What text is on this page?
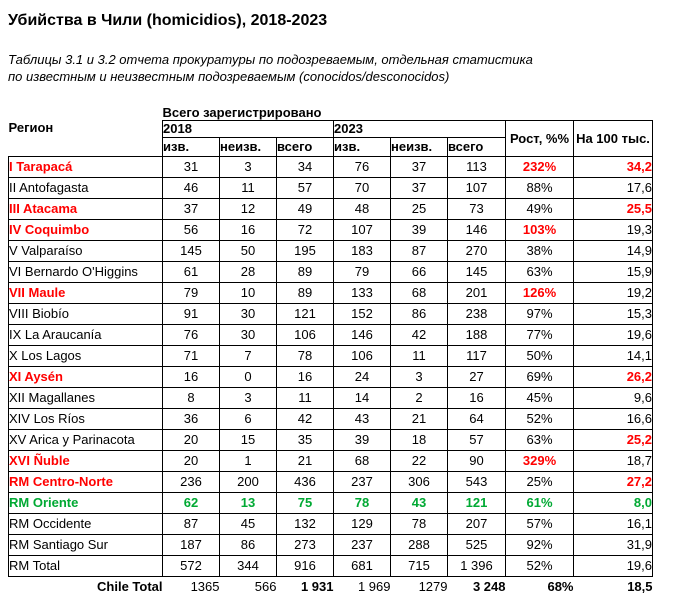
Убийства в Чили (homicidios), 2018-2023
Таблицы 3.1 и 3.2 отчета прокуратуры по подозреваемым, отдельная статистика
по известным и неизвестным подозреваемым (conocidos/desconocidos)
	Всего зарегистрировано							
Регион	2018			2023			Рост, %%	На 100 тыс.
	изв.	неизв.	всего	изв.	неизв.	всего		
I Tarapacá	31	3	34	76	37	113	232%	34,2
II Antofagasta	46	11	57	70	37	107	88%	17,6
III Atacama	37	12	49	48	25	73	49%	25,5
IV Coquimbo	56	16	72	107	39	146	103%	19,3
V Valparaíso	145	50	195	183	87	270	38%	14,9
VI Bernardo O'Higgins	61	28	89	79	66	145	63%	15,9
VII Maule	79	10	89	133	68	201	126%	19,2
VIII Biobío	91	30	121	152	86	238	97%	15,3
IX La Araucanía	76	30	106	146	42	188	77%	19,6
X Los Lagos	71	7	78	106	11	117	50%	14,1
XI Aysén	16	0	16	24	3	27	69%	26,2
XII Magallanes	8	3	11	14	2	16	45%	9,6
XIV Los Ríos	36	6	42	43	21	64	52%	16,6
XV Arica y Parinacota	20	15	35	39	18	57	63%	25,2
XVI Ñuble	20	1	21	68	22	90	329%	18,7
RM Centro-Norte	236	200	436	237	306	543	25%	27,2
RM Oriente	62	13	75	78	43	121	61%	8,0
RM Occidente	87	45	132	129	78	207	57%	16,1
RM Santiago Sur	187	86	273	237	288	525	92%	31,9
RM Total	572	344	916	681	715	1 396	52%	19,6
Chile Total	1365	566	1 931	1 969	1279	3 248	68%	18,5
